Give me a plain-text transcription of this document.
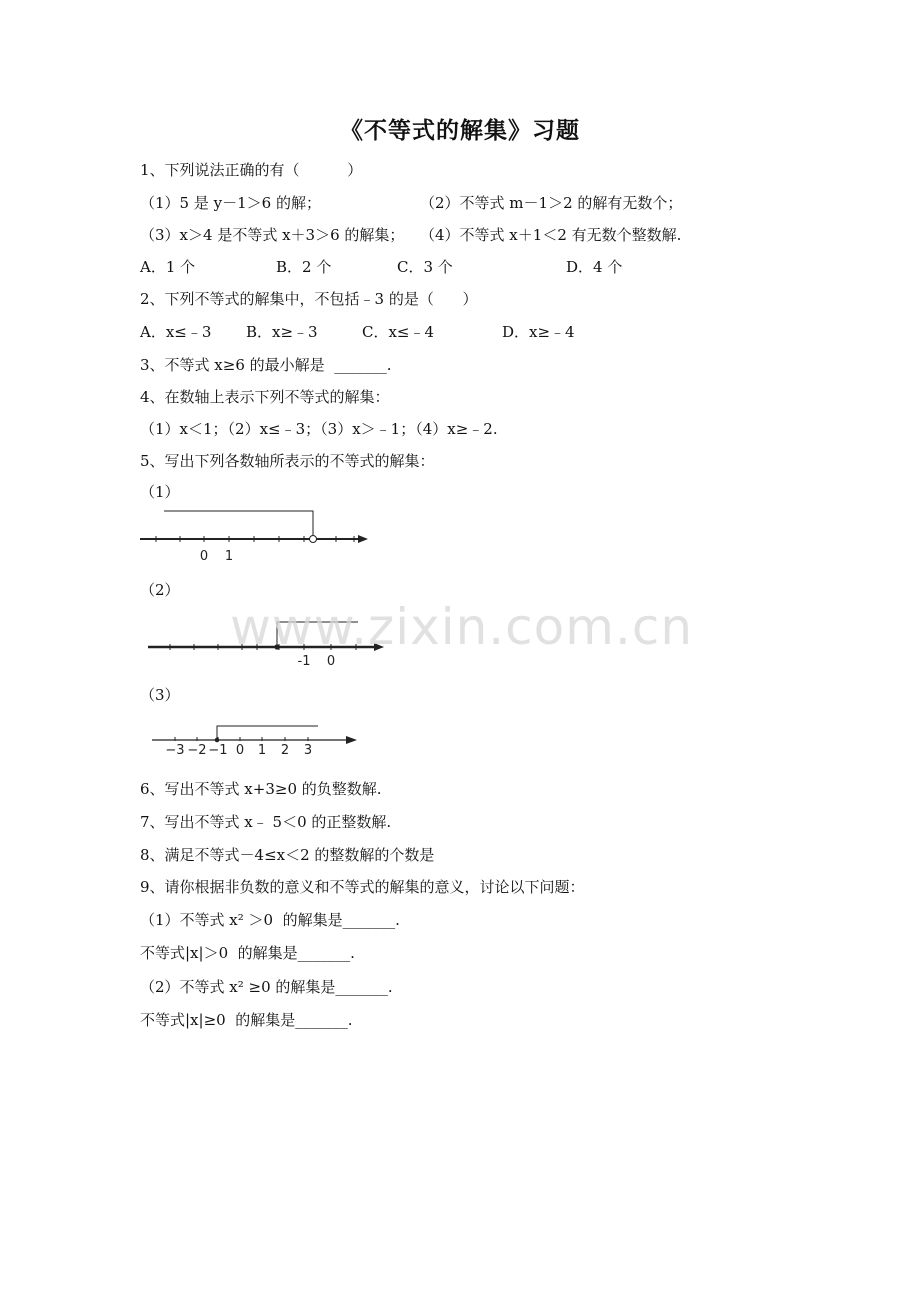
《不等式的解集》习题
1、下列说法正确的有（          ）
（1）5 是 y－1＞6 的解；	（2）不等式 m－1＞2 的解有无数个；
（3）x＞4 是不等式 x＋3＞6 的解集； （4）不等式 x＋1＜2 有无数个整数解.
A．1 个	B．2 个	C．3 个	D．4 个
2、下列不等式的解集中，不包括﹣3 的是（      ）
A．x≤﹣3 B．x≥﹣3	C．x≤﹣4	D．x≥﹣4
3、不等式 x≥6 的最小解是  _______.
4、在数轴上表示下列不等式的解集：
（1）x＜1；（2）x≤﹣3；（3）x＞﹣1；（4）x≥﹣2.
5、写出下列各数轴所表示的不等式的解集：
（1）
0 1
（2）
-1 0
（3）
−3 −2 −1 0 1 2 3
6、写出不等式 x+3≥0 的负整数解.
7、写出不等式 x﹣ 5＜0 的正整数解.
8、满足不等式－4≤x＜2 的整数解的个数是
9、请你根据非负数的意义和不等式的解集的意义，讨论以下问题：
（1）不等式 x² ＞0  的解集是_______.
不等式|x|＞0  的解集是_______.
（2）不等式 x² ≥0 的解集是_______.
不等式|x|≥0  的解集是_______.
www.zixin.com.cn
